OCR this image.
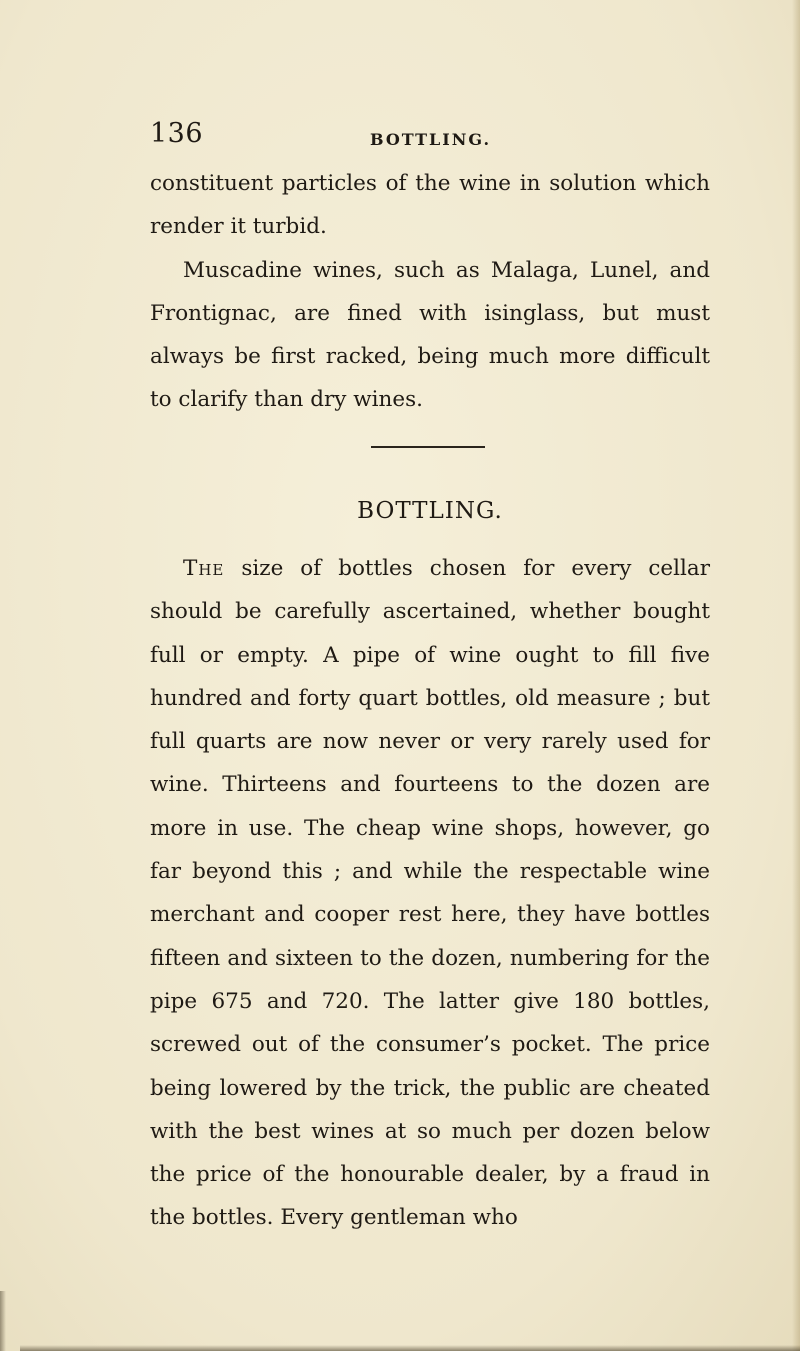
136	BOTTLING.

constituent particles of the wine in solution which render it turbid.

Muscadine wines, such as Malaga, Lunel, and Frontignac, are fined with isinglass, but must always be first racked, being much more difficult to clarify than dry wines.

BOTTLING.

The size of bottles chosen for every cellar should be carefully ascertained, whether bought full or empty. A pipe of wine ought to fill five hundred and forty quart bottles, old measure ; but full quarts are now never or very rarely used for wine. Thirteens and fourteens to the dozen are more in use. The cheap wine shops, however, go far beyond this ; and while the respectable wine merchant and cooper rest here, they have bottles fifteen and sixteen to the dozen, numbering for the pipe 675 and 720. The latter give 180 bottles, screwed out of the consumer’s pocket. The price being lowered by the trick, the public are cheated with the best wines at so much per dozen below the price of the honourable dealer, by a fraud in the bottles. Every gentleman who
